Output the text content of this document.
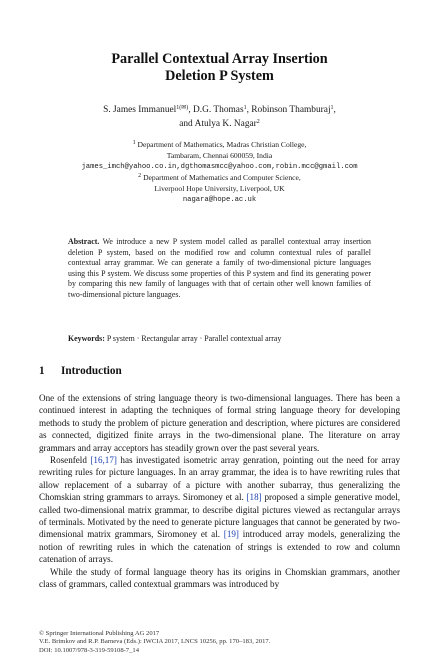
Parallel Contextual Array Insertion
Deletion P System
S. James Immanuel$^{1(✉)}$, D.G. Thomas$^1$, Robinson Thamburaj$^1$,
and Atulya K. Nagar$^2$
$^1$ Department of Mathematics, Madras Christian College,
Tambaram, Chennai 600059, India
james_imch@yahoo.co.in,dgthomasmcc@yahoo.com,robin.mcc@gmail.com
$^2$ Department of Mathematics and Computer Science,
Liverpool Hope University, Liverpool, UK
nagara@hope.ac.uk
Abstract. We introduce a new P system model called as parallel contextual array insertion deletion P system, based on the modified row and column contextual rules of parallel contextual array grammar. We can generate a family of two-dimensional picture languages using this P system. We discuss some properties of this P system and find its generating power by comparing this new family of languages with that of certain other well known families of two-dimensional picture languages.
Keywords: P system · Rectangular array · Parallel contextual array
1 Introduction

One of the extensions of string language theory is two-dimensional languages. There has been a continued interest in adapting the techniques of formal string language theory for developing methods to study the problem of picture generation and description, where pictures are considered as connected, digitized finite arrays in the two-dimensional plane. The literature on array grammars and array acceptors has steadily grown over the past several years.

Rosenfeld [16,17] has investigated isometric array genration, pointing out the need for array rewriting rules for picture languages. In an array grammar, the idea is to have rewriting rules that allow replacement of a subarray of a picture with another subarray, thus generalizing the Chomskian string grammars to arrays. Siromoney et al. [18] proposed a simple generative model, called two-dimensional matrix grammar, to describe digital pictures viewed as rectangular arrays of terminals. Motivated by the need to generate picture languages that cannot be generated by two-dimensional matrix grammars, Siromoney et al. [19] introduced array models, generalizing the notion of rewriting rules in which the catenation of strings is extended to row and column catenation of arrays.

While the study of formal language theory has its origins in Chomskian grammars, another class of grammars, called contextual grammars was introduced by

© Springer International Publishing AG 2017
V.E. Brimkov and R.P. Barneva (Eds.): IWCIA 2017, LNCS 10256, pp. 170–183, 2017.
DOI: 10.1007/978-3-319-59108-7_14
